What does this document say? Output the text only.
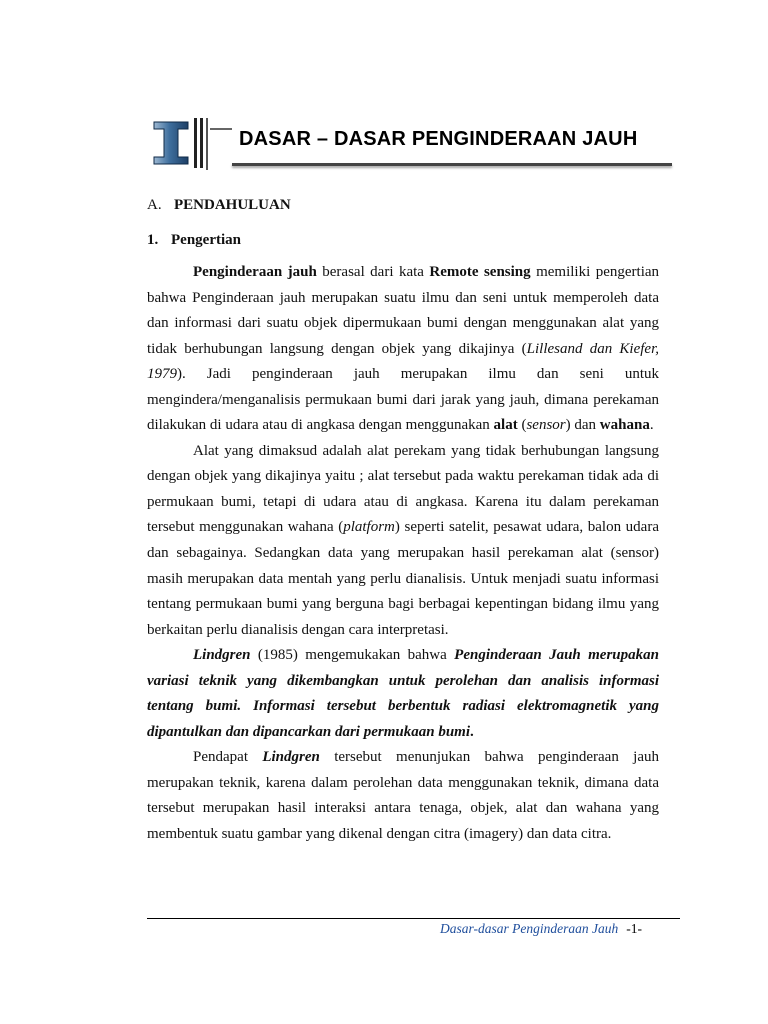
I
DASAR – DASAR PENGINDERAAN JAUH
A. PENDAHULUAN
1. Pengertian

Penginderaan jauh berasal dari kata Remote sensing memiliki pengertian bahwa Penginderaan jauh merupakan suatu ilmu dan seni untuk memperoleh data dan informasi dari suatu objek dipermukaan bumi dengan menggunakan alat yang tidak berhubungan langsung dengan objek yang dikajinya (Lillesand dan Kiefer, 1979). Jadi penginderaan jauh merupakan ilmu dan seni untuk mengindera/menganalisis permukaan bumi dari jarak yang jauh, dimana perekaman dilakukan di udara atau di angkasa dengan menggunakan alat (sensor) dan wahana.

Alat yang dimaksud adalah alat perekam yang tidak berhubungan langsung dengan objek yang dikajinya yaitu ; alat tersebut pada waktu perekaman tidak ada di permukaan bumi, tetapi di udara atau di angkasa. Karena itu dalam perekaman tersebut menggunakan wahana (platform) seperti satelit, pesawat udara, balon udara dan sebagainya. Sedangkan data yang merupakan hasil perekaman alat (sensor) masih merupakan data mentah yang perlu dianalisis. Untuk menjadi suatu informasi tentang permukaan bumi yang berguna bagi berbagai kepentingan bidang ilmu yang berkaitan perlu dianalisis dengan cara interpretasi.

Lindgren (1985) mengemukakan bahwa Penginderaan Jauh merupakan variasi teknik yang dikembangkan untuk perolehan dan analisis informasi tentang bumi. Informasi tersebut berbentuk radiasi elektromagnetik yang dipantulkan dan dipancarkan dari permukaan bumi.

Pendapat Lindgren tersebut menunjukan bahwa penginderaan jauh merupakan teknik, karena dalam perolehan data menggunakan teknik, dimana data tersebut merupakan hasil interaksi antara tenaga, objek, alat dan wahana yang membentuk suatu gambar yang dikenal dengan citra (imagery) dan data citra.

Dasar-dasar Penginderaan Jauh -1-
